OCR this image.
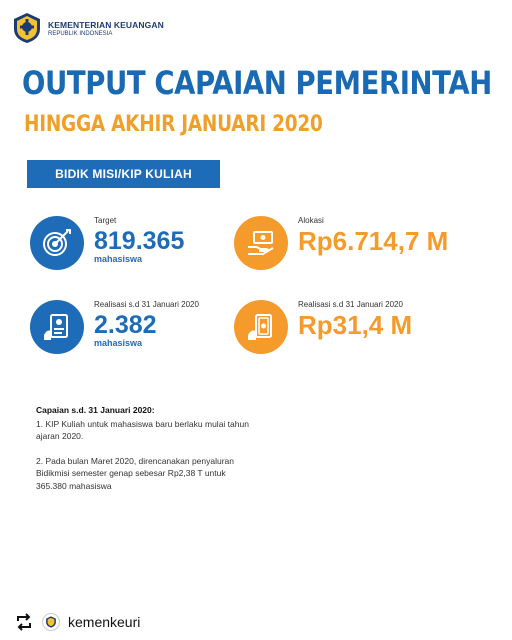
KEMENTERIAN KEUANGAN
REPUBLIK INDONESIA
OUTPUT CAPAIAN PEMERINTAH
HINGGA AKHIR JANUARI 2020
BIDIK MISI/KIP KULIAH
Target
819.365
mahasiswa
Alokasi
Rp6.714,7 M
Realisasi s.d 31 Januari 2020
2.382
mahasiswa
Realisasi s.d 31 Januari 2020
Rp31,4 M
Capaian s.d. 31 Januari 2020:
1. KIP Kuliah untuk mahasiswa baru berlaku mulai tahun ajaran 2020.
2. Pada bulan Maret 2020, direncanakan penyaluran Bidikmisi semester genap sebesar Rp2,38 T untuk 365.380 mahasiswa
kemenkeuri
